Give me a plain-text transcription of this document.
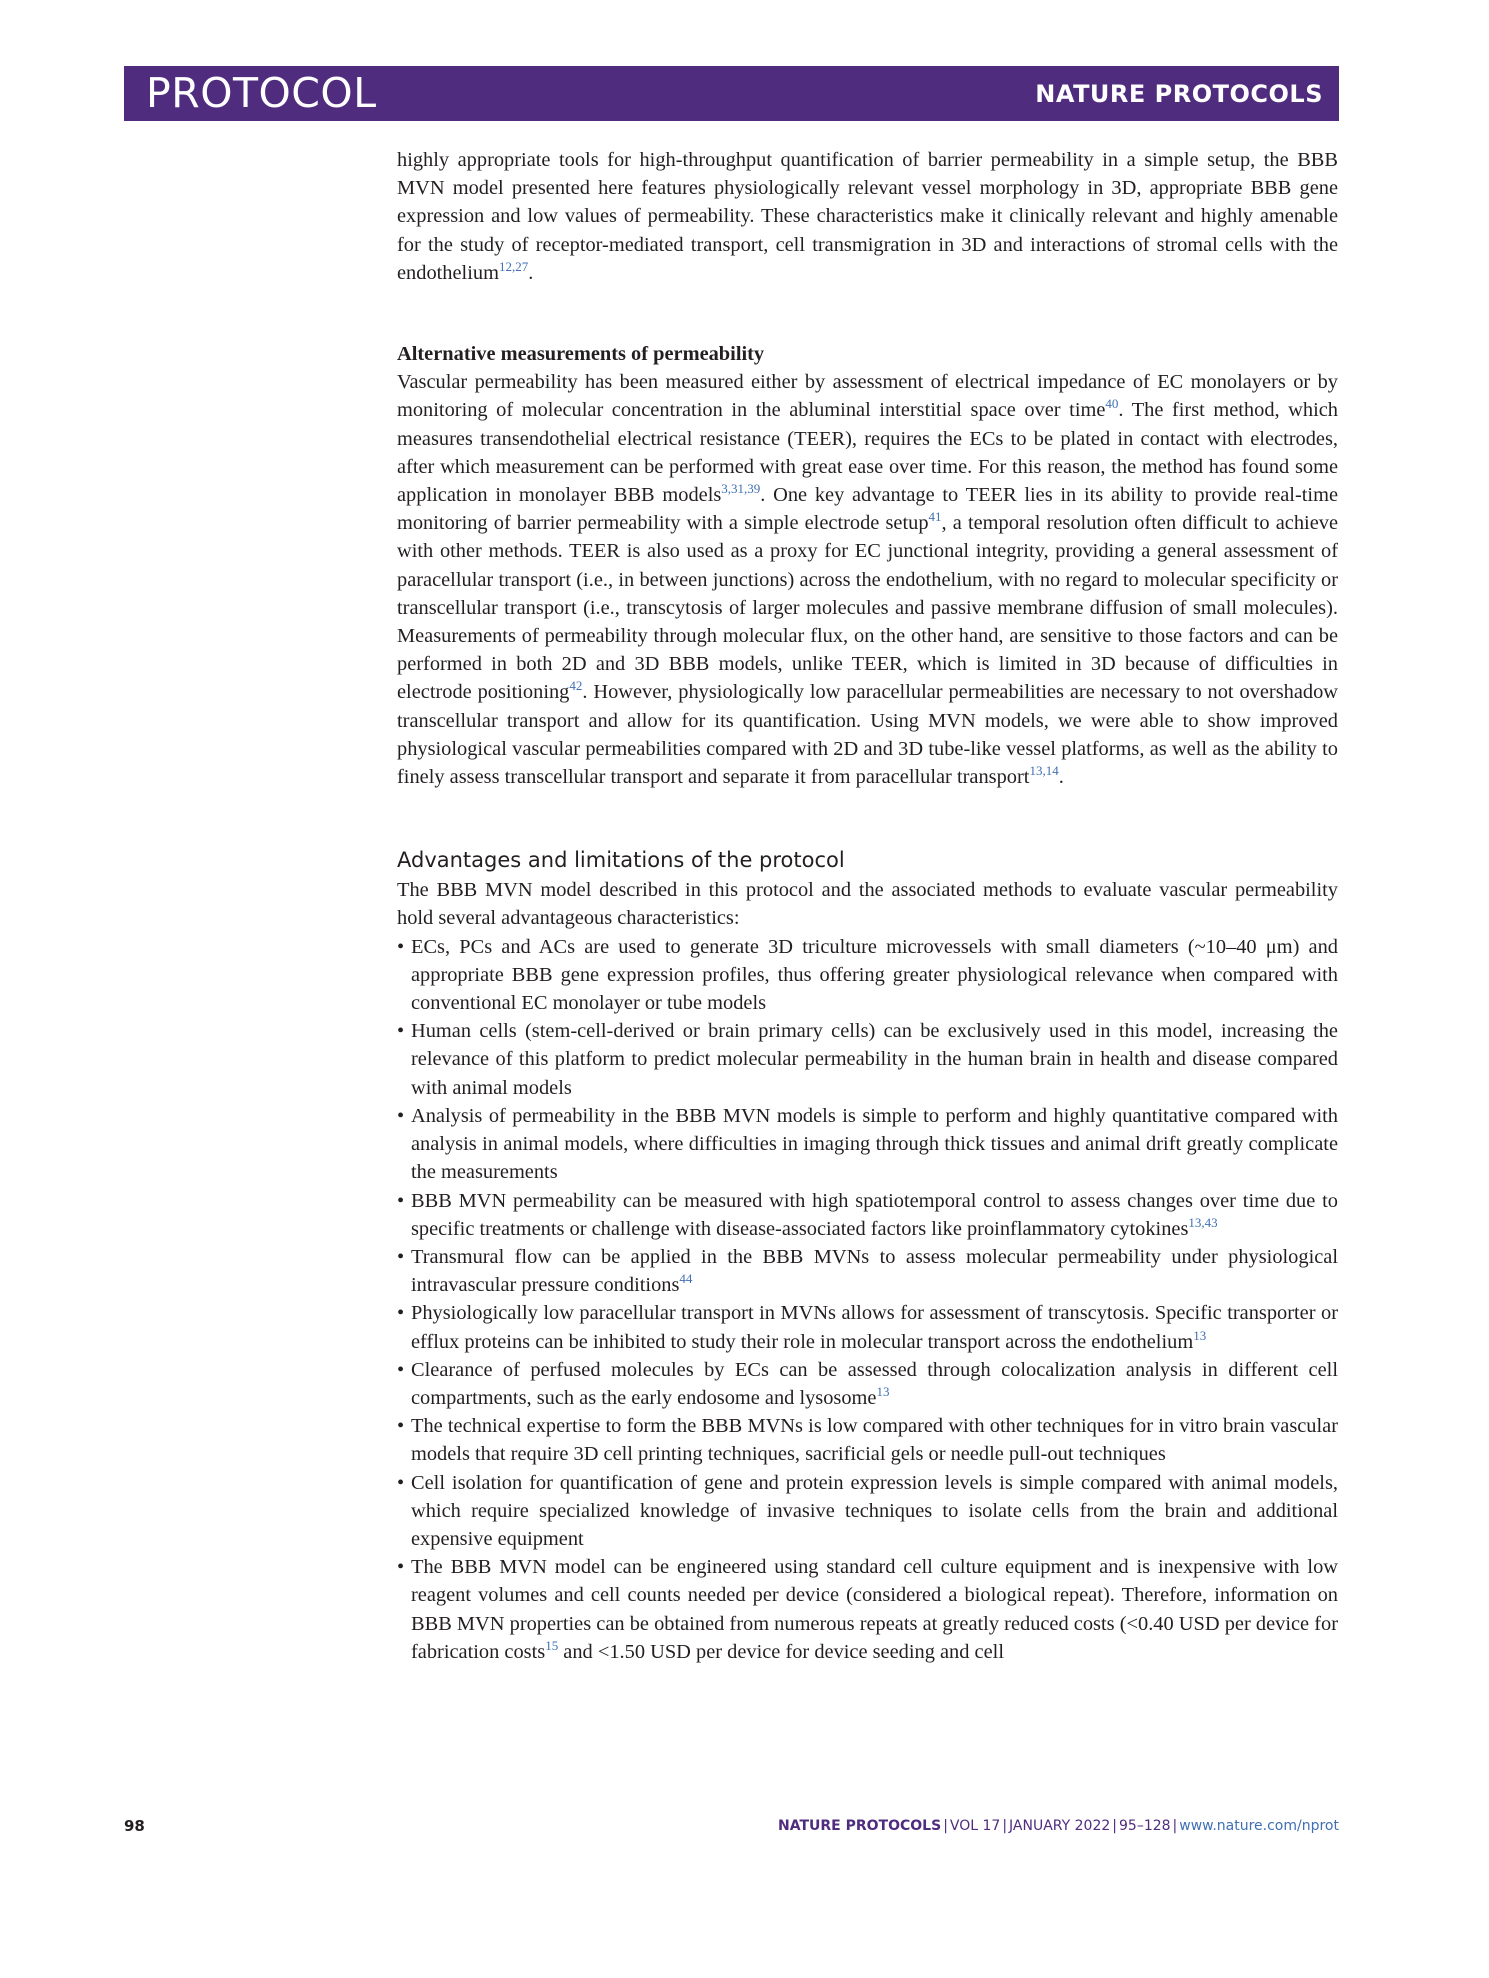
PROTOCOL	NATURE PROTOCOLS

highly appropriate tools for high-throughput quantification of barrier permeability in a simple setup, the BBB MVN model presented here features physiologically relevant vessel morphology in 3D, appropriate BBB gene expression and low values of permeability. These characteristics make it clinically relevant and highly amenable for the study of receptor-mediated transport, cell transmigration in 3D and interactions of stromal cells with the endothelium$^{12,27}$.

Alternative measurements of permeability

Vascular permeability has been measured either by assessment of electrical impedance of EC monolayers or by monitoring of molecular concentration in the abluminal interstitial space over time$^{40}$. The first method, which measures transendothelial electrical resistance (TEER), requires the ECs to be plated in contact with electrodes, after which measurement can be performed with great ease over time. For this reason, the method has found some application in monolayer BBB models$^{3,31,39}$. One key advantage to TEER lies in its ability to provide real-time monitoring of barrier permeability with a simple electrode setup$^{41}$, a temporal resolution often difficult to achieve with other methods. TEER is also used as a proxy for EC junctional integrity, providing a general assessment of paracellular transport (i.e., in between junctions) across the endothelium, with no regard to molecular specificity or transcellular transport (i.e., transcytosis of larger molecules and passive membrane diffusion of small molecules). Measurements of permeability through molecular flux, on the other hand, are sensitive to those factors and can be performed in both 2D and 3D BBB models, unlike TEER, which is limited in 3D because of difficulties in electrode positioning$^{42}$. However, physiologically low paracellular permeabilities are necessary to not overshadow transcellular transport and allow for its quantification. Using MVN models, we were able to show improved physiological vascular permeabilities compared with 2D and 3D tube-like vessel platforms, as well as the ability to finely assess transcellular transport and separate it from paracellular transport$^{13,14}$.

Advantages and limitations of the protocol

The BBB MVN model described in this protocol and the associated methods to evaluate vascular permeability hold several advantageous characteristics:

• ECs, PCs and ACs are used to generate 3D triculture microvessels with small diameters (~10–40 μm) and appropriate BBB gene expression profiles, thus offering greater physiological relevance when compared with conventional EC monolayer or tube models
• Human cells (stem-cell-derived or brain primary cells) can be exclusively used in this model, increasing the relevance of this platform to predict molecular permeability in the human brain in health and disease compared with animal models
• Analysis of permeability in the BBB MVN models is simple to perform and highly quantitative compared with analysis in animal models, where difficulties in imaging through thick tissues and animal drift greatly complicate the measurements
• BBB MVN permeability can be measured with high spatiotemporal control to assess changes over time due to specific treatments or challenge with disease-associated factors like proinflammatory cytokines$^{13,43}$
• Transmural flow can be applied in the BBB MVNs to assess molecular permeability under physiological intravascular pressure conditions$^{44}$
• Physiologically low paracellular transport in MVNs allows for assessment of transcytosis. Specific transporter or efflux proteins can be inhibited to study their role in molecular transport across the endothelium$^{13}$
• Clearance of perfused molecules by ECs can be assessed through colocalization analysis in different cell compartments, such as the early endosome and lysosome$^{13}$
• The technical expertise to form the BBB MVNs is low compared with other techniques for in vitro brain vascular models that require 3D cell printing techniques, sacrificial gels or needle pull-out techniques
• Cell isolation for quantification of gene and protein expression levels is simple compared with animal models, which require specialized knowledge of invasive techniques to isolate cells from the brain and additional expensive equipment
• The BBB MVN model can be engineered using standard cell culture equipment and is inexpensive with low reagent volumes and cell counts needed per device (considered a biological repeat). Therefore, information on BBB MVN properties can be obtained from numerous repeats at greatly reduced costs (<0.40 USD per device for fabrication costs$^{15}$ and <1.50 USD per device for device seeding and cell
98	NATURE PROTOCOLS | VOL 17 | JANUARY 2022 | 95–128 | www.nature.com/nprot
